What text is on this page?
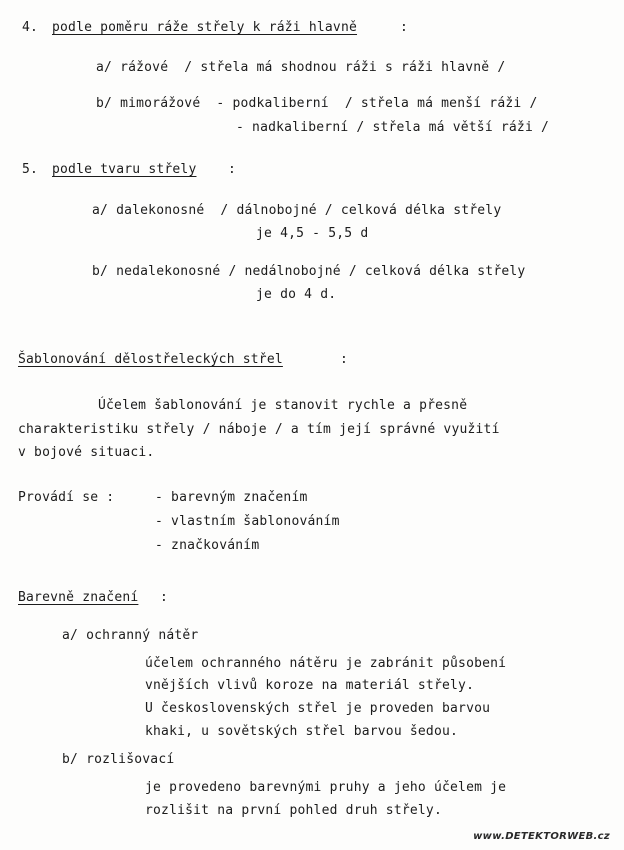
4. podle poměru ráže střely k ráži hlavně	:
a/ rážové  / střela má shodnou ráži s ráži hlavně /
b/ mimorážové  - podkaliberní  / střela má menší ráži /
- nadkaliberní / střela má větší ráži /
5. podle tvaru střely :
a/ dalekonosné  / dálnobojné / celková délka střely
je 4,5 - 5,5 d
b/ nedalekonosné / nedálnobojné / celková délka střely
je do 4 d.
Šablonování dělostřeleckých střel	:
Účelem šablonování je stanovit rychle a přesně
charakteristiku střely / náboje / a tím její správné využití
v bojové situaci.
Provádí se :	- barevným značením
- vlastním šablonováním
- značkováním
Barevně značení :
a/ ochranný nátěr
účelem ochranného nátěru je zabránit působení
vnějších vlivů koroze na materiál střely.
U československých střel je proveden barvou
khaki, u sovětských střel barvou šedou.
b/ rozlišovací
je provedeno barevnými pruhy a jeho účelem je
rozlišit na první pohled druh střely.
www.DETEKTORWEB.cz
